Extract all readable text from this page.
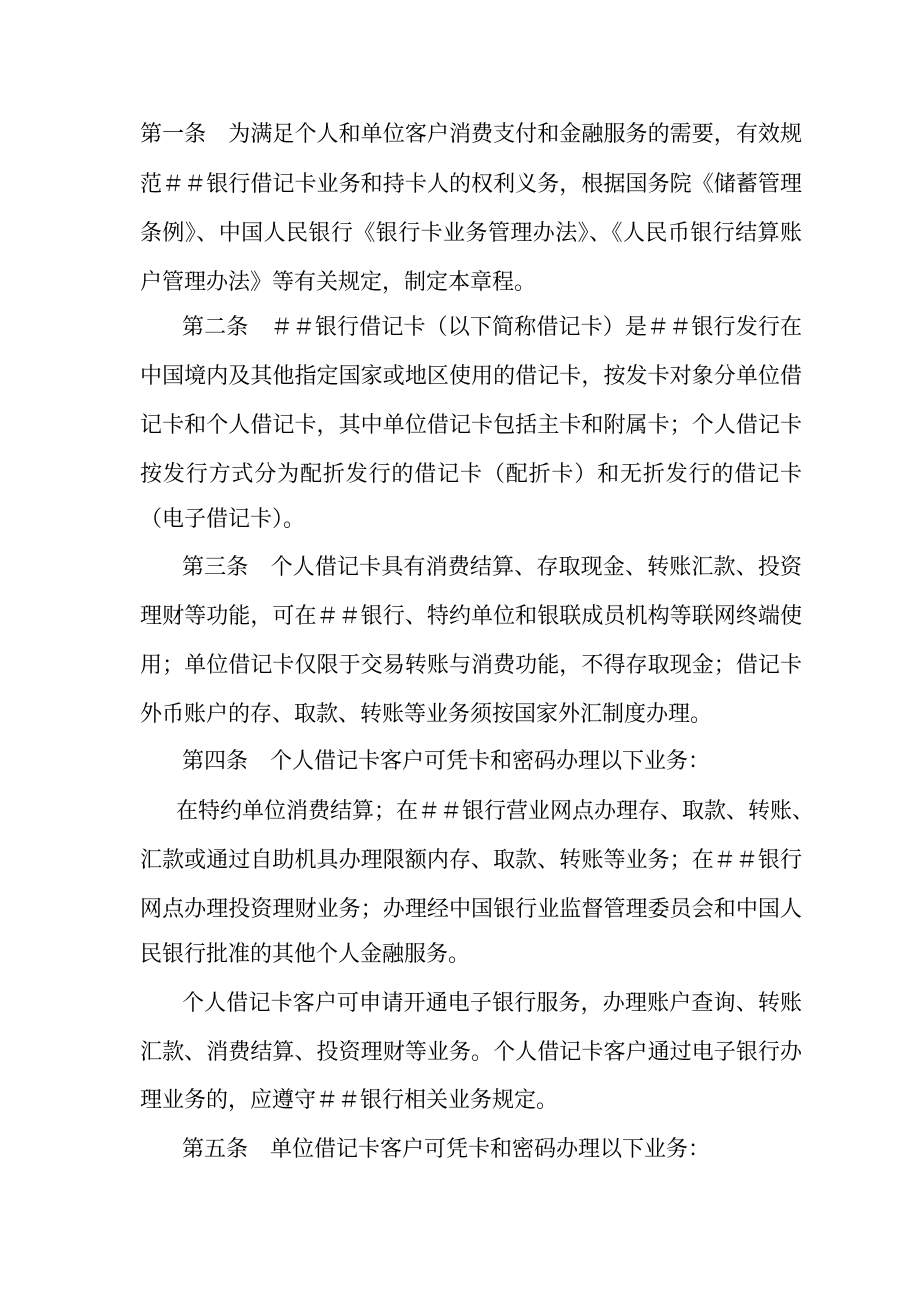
第一条　为满足个人和单位客户消费支付和金融服务的需要，有效规
范＃＃银行借记卡业务和持卡人的权利义务，根据国务院《储蓄管理
条例》、中国人民银行《银行卡业务管理办法》、《人民币银行结算账
户管理办法》等有关规定，制定本章程。
第二条　＃＃银行借记卡（以下简称借记卡）是＃＃银行发行在
中国境内及其他指定国家或地区使用的借记卡，按发卡对象分单位借
记卡和个人借记卡，其中单位借记卡包括主卡和附属卡；个人借记卡
按发行方式分为配折发行的借记卡（配折卡）和无折发行的借记卡
（电子借记卡）。
第三条　个人借记卡具有消费结算、存取现金、转账汇款、投资
理财等功能，可在＃＃银行、特约单位和银联成员机构等联网终端使
用；单位借记卡仅限于交易转账与消费功能，不得存取现金；借记卡
外币账户的存、取款、转账等业务须按国家外汇制度办理。
第四条　个人借记卡客户可凭卡和密码办理以下业务：
在特约单位消费结算；在＃＃银行营业网点办理存、取款、转账、
汇款或通过自助机具办理限额内存、取款、转账等业务；在＃＃银行
网点办理投资理财业务；办理经中国银行业监督管理委员会和中国人
民银行批准的其他个人金融服务。
个人借记卡客户可申请开通电子银行服务，办理账户查询、转账
汇款、消费结算、投资理财等业务。个人借记卡客户通过电子银行办
理业务的，应遵守＃＃银行相关业务规定。
第五条　单位借记卡客户可凭卡和密码办理以下业务：
